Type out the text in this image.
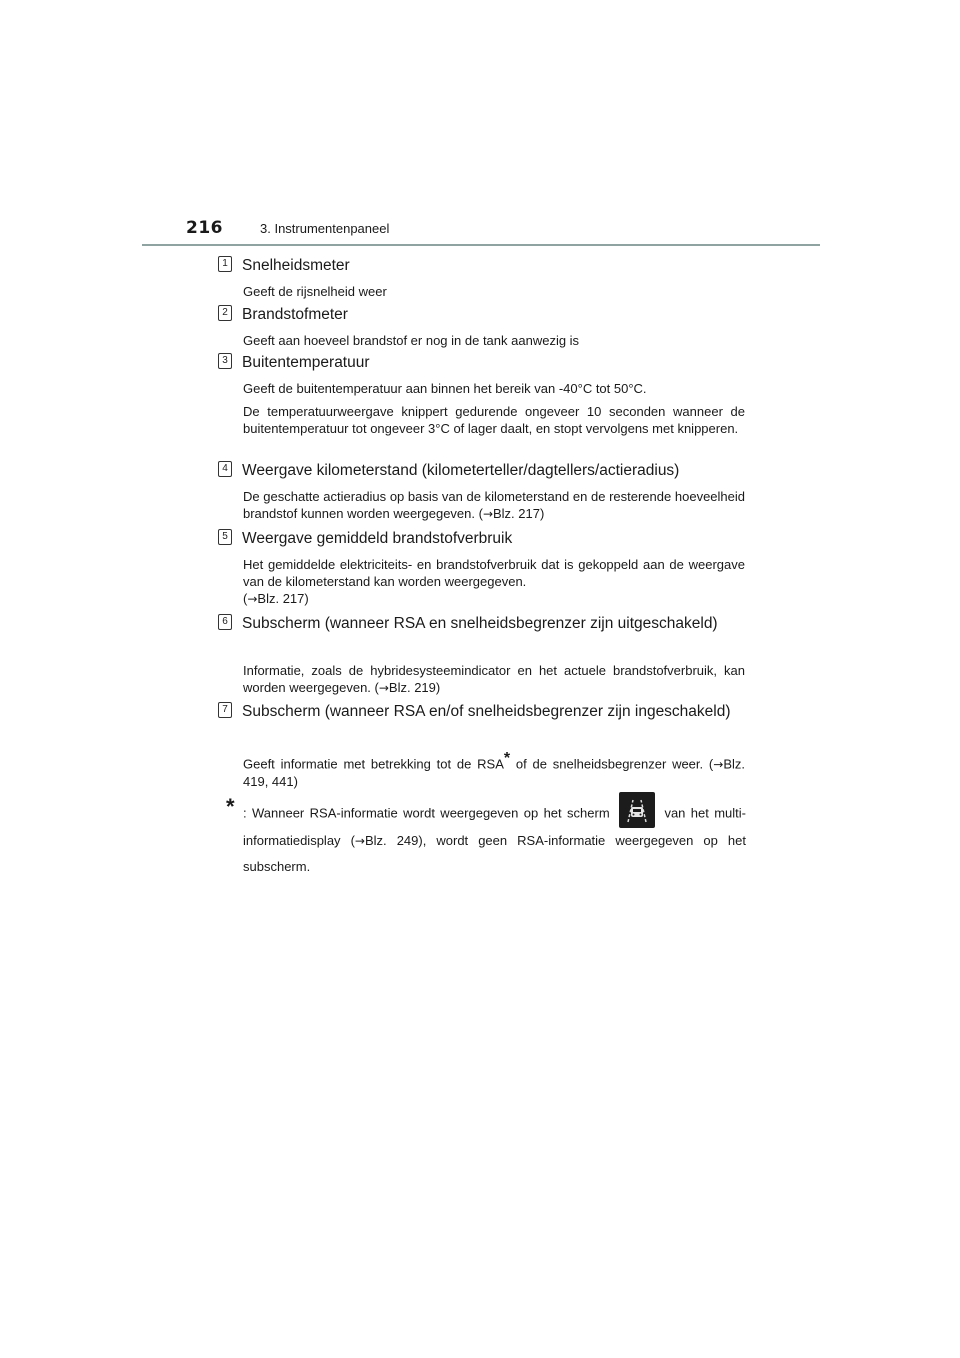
216	3. Instrumentenpaneel
1 Snelheidsmeter
Geeft de rijsnelheid weer
2 Brandstofmeter
Geeft aan hoeveel brandstof er nog in de tank aanwezig is
3 Buitentemperatuur
Geeft de buitentemperatuur aan binnen het bereik van -40°C tot 50°C.
De temperatuurweergave knippert gedurende ongeveer 10 seconden wanneer de buitentemperatuur tot ongeveer 3°C of lager daalt, en stopt vervolgens met knipperen.
4 Weergave kilometerstand (kilometerteller/dagtellers/actieradius)
De geschatte actieradius op basis van de kilometerstand en de resterende hoeveelheid brandstof kunnen worden weergegeven. (→Blz. 217)
5 Weergave gemiddeld brandstofverbruik
Het gemiddelde elektriciteits- en brandstofverbruik dat is gekoppeld aan de weergave van de kilometerstand kan worden weergegeven.
(→Blz. 217)
6 Subscherm (wanneer RSA en snelheidsbegrenzer zijn uitgeschakeld)
Informatie, zoals de hybridesysteemindicator en het actuele brandstofverbruik, kan worden weergegeven. (→Blz. 219)
7 Subscherm (wanneer RSA en/of snelheidsbegrenzer zijn ingeschakeld)
Geeft informatie met betrekking tot de RSA* of de snelheidsbegrenzer weer. (→Blz. 419, 441)
* : Wanneer RSA-informatie wordt weergegeven op het scherm	van het multi-informatiedisplay (→Blz. 249), wordt geen RSA-informatie weergegeven op het subscherm.
